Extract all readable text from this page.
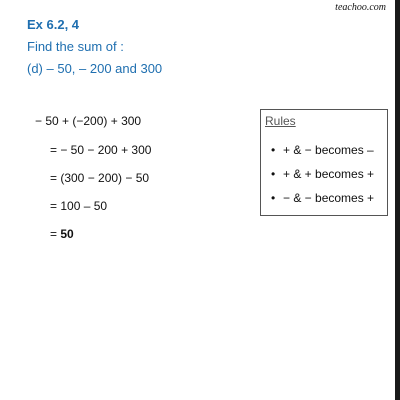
teachoo.com
Ex 6.2, 4
Find the sum of :
(d) – 50, – 200 and 300
− 50 + (−200) + 300
= − 50 − 200 + 300
= (300 − 200) − 50
= 100 – 50
= 50
Rules
• + & − becomes –
• + & + becomes +
• − & − becomes +
